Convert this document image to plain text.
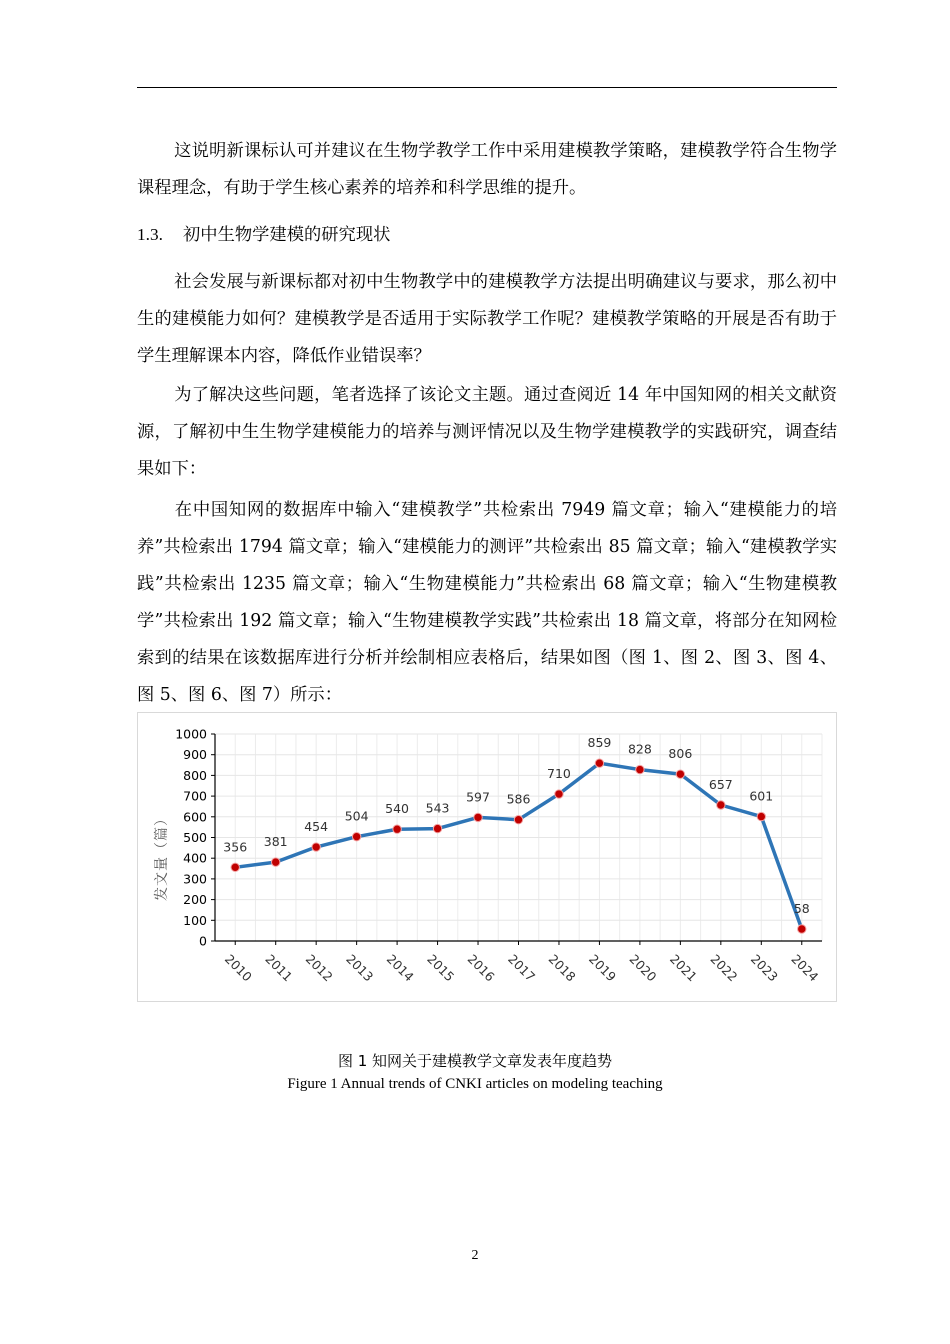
这说明新课标认可并建议在生物学教学工作中采用建模教学策略，建模教学符合生物学课程理念，有助于学生核心素养的培养和科学思维的提升。

1.3. 初中生物学建模的研究现状

社会发展与新课标都对初中生物教学中的建模教学方法提出明确建议与要求，那么初中生的建模能力如何？建模教学是否适用于实际教学工作呢？建模教学策略的开展是否有助于学生理解课本内容，降低作业错误率？

为了解决这些问题，笔者选择了该论文主题。通过查阅近 14 年中国知网的相关文献资源，了解初中生生物学建模能力的培养与测评情况以及生物学建模教学的实践研究，调查结果如下：

在中国知网的数据库中输入“建模教学”共检索出 7949 篇文章；输入“建模能力的培养”共检索出 1794 篇文章；输入“建模能力的测评”共检索出 85 篇文章；输入“建模教学实践”共检索出 1235 篇文章；输入“生物建模能力”共检索出 68 篇文章；输入“生物建模教学”共检索出 192 篇文章；输入“生物建模教学实践”共检索出 18 篇文章，将部分在知网检索到的结果在该数据库进行分析并绘制相应表格后，结果如图（图 1、图 2、图 3、图 4、图 5、图 6、图 7）所示：

0
100
200
300
400
500
600
700
800
900
1000
发文量（篇）
2010 2011 2012 2013 2014 2015 2016 2017 2018 2019 2020 2021 2022 2023 2024
356 381
454
504 540 543
597 586
710
859 828 806
657
601
58
图 1 知网关于建模教学文章发表年度趋势
Figure 1 Annual trends of CNKI articles on modeling teaching
2
